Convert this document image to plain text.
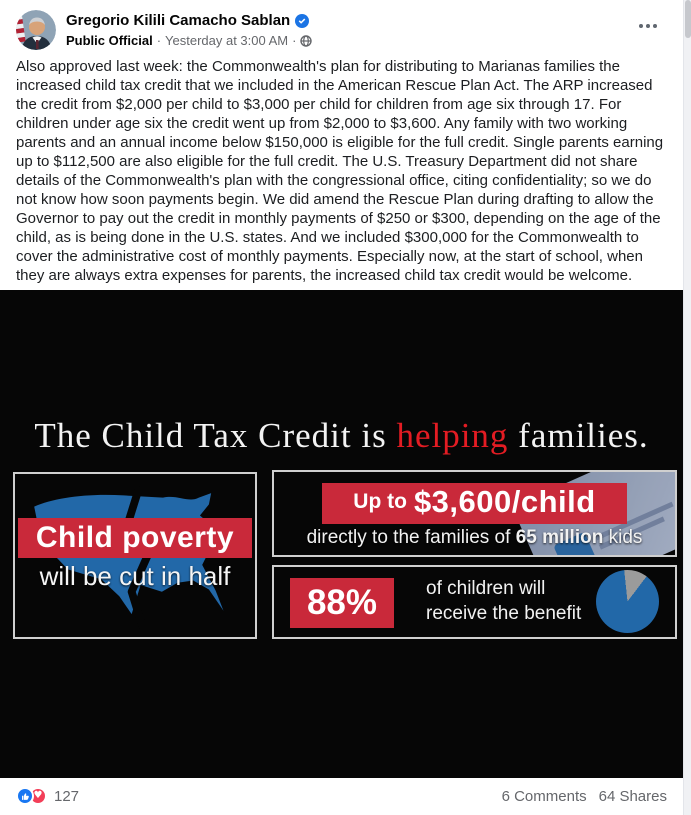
Gregorio Kilili Camacho Sablan
Public Official · Yesterday at 3:00 AM ·

Also approved last week: the Commonwealth's plan for distributing to Marianas families the increased child tax credit that we included in the American Rescue Plan Act. The ARP increased the credit from $2,000 per child to $3,000 per child for children from age six through 17. For children under age six the credit went up from $2,000 to $3,600. Any family with two working parents and an annual income below $150,000 is eligible for the full credit. Single parents earning up to $112,500 are also eligible for the full credit. The U.S. Treasury Department did not share details of the Commonwealth's plan with the congressional office, citing confidentiality; so we do not know how soon payments begin. We did amend the Rescue Plan during drafting to allow the Governor to pay out the credit in monthly payments of $250 or $300, depending on the age of the child, as is being done in the U.S. states. And we included $300,000 for the Commonwealth to cover the administrative cost of monthly payments. Especially now, at the start of school, when they are always extra expenses for parents, the increased child tax credit would be welcome.

The Child Tax Credit is helping families.
Child poverty
will be cut in half
Up to $3,600/child
directly to the families of 65 million kids
88%	of children will
receive the benefit
♥ 127	6 Comments 64 Shares
